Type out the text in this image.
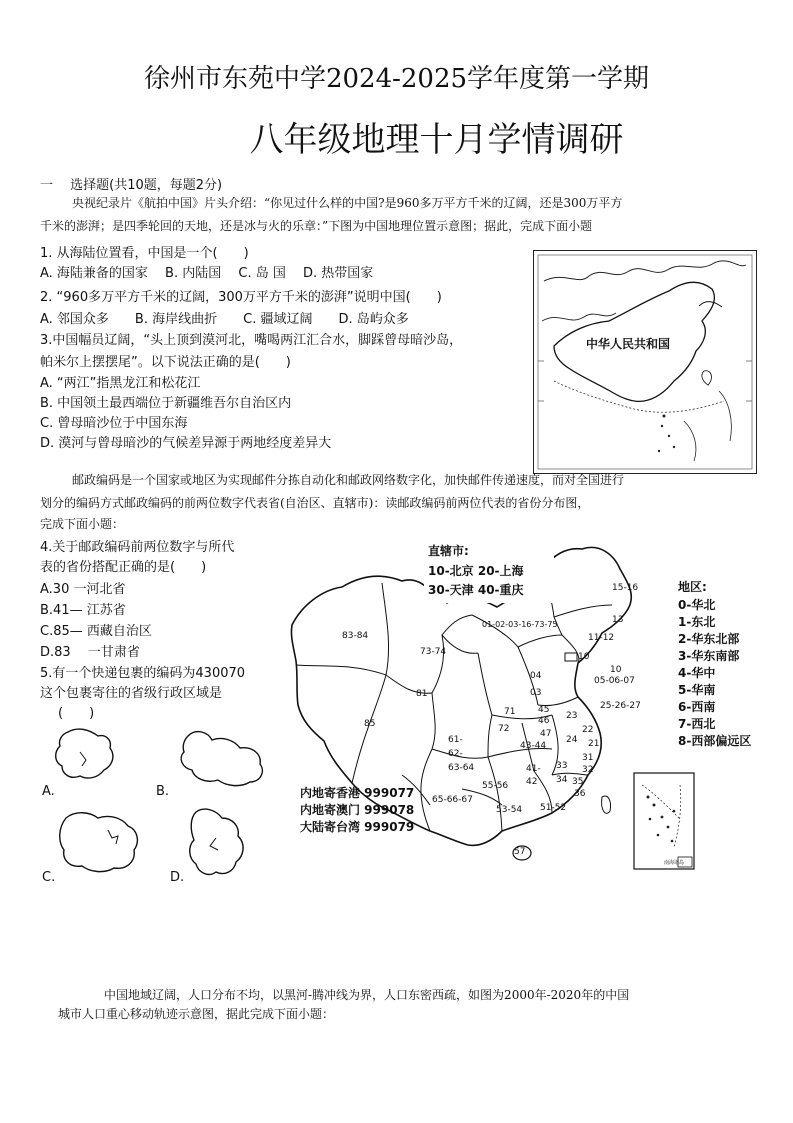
徐州市东苑中学2024-2025学年度第一学期
八年级地理十月学情调研
一　 选择题(共10题，每题2分)
央视纪录片《航拍中国》片头介绍：“你见过什么样的中国?是960多万平方千米的辽阔，还是300万平方
千米的澎湃；是四季轮回的天地，还是冰与火的乐章：”下图为中国地理位置示意图；据此，完成下面小题
1. 从海陆位置看，中国是一个(　　)
A. 海陆兼备的国家　 B. 内陆国　 C. 岛 国　 D. 热带国家
2. “960多万平方千米的辽阔，300万平方千米的澎湃”说明中国(　　)
A. 邻国众多　　B. 海岸线曲折　　C. 疆域辽阔　　D. 岛屿众多
3.中国幅员辽阔，“头上顶到漠河北，嘴喝两江汇合水，脚踩曾母暗沙岛，
帕米尔上摆摆尾”。以下说法正确的是(　　)
A. “两江”指黑龙江和松花江
B. 中国领土最西端位于新疆维吾尔自治区内
C. 曾母暗沙位于中国东海
D. 漠河与曾母暗沙的气候差异源于两地经度差异大
中华人民共和国
邮政编码是一个国家或地区为实现邮件分拣自动化和邮政网络数字化，加快邮件传递速度，而对全国进行
划分的编码方式邮政编码的前两位数字代表省(自治区、直辖市)：读邮政编码前两位代表的省份分布图，
完成下面小题：
4.关于邮政编码前两位数字与所代
表的省份搭配正确的是(　　)
A.30 一河北省
B.41— 江苏省
C.85— 西藏自治区
D.83 　一甘肃省
5.有一个快递包裹的编码为430070
这个包裹寄往的省级行政区域是
(　　)
A.	B.
C.	D.
83-84
73-74
01-02-03-16-73-75
15-16
13
11-12
10
10
05-06-07
04
03
81
85
71
72
45
46
47
25-26-27
23
24
22
21
43-44
61-62-63-64	41-42
33
34
31
32
35
36
55-56
65-66-67
53-54 51-52
57
直辖市:
10-北京 20-上海
30-天津 40-重庆	地区:
0-华北
1-东北
2-华东北部
3-华东南部
4-华中
5-华南
6-西南
7-西北
8-西部偏远区
内地寄香港 999077
内地寄澳门 999078
大陆寄台湾 999079
南海诸岛
中国地域辽阔，人口分布不均，以黑河-腾冲线为界，人口东密西疏，如图为2000年-2020年的中国
城市人口重心移动轨迹示意图，据此完成下面小题：
